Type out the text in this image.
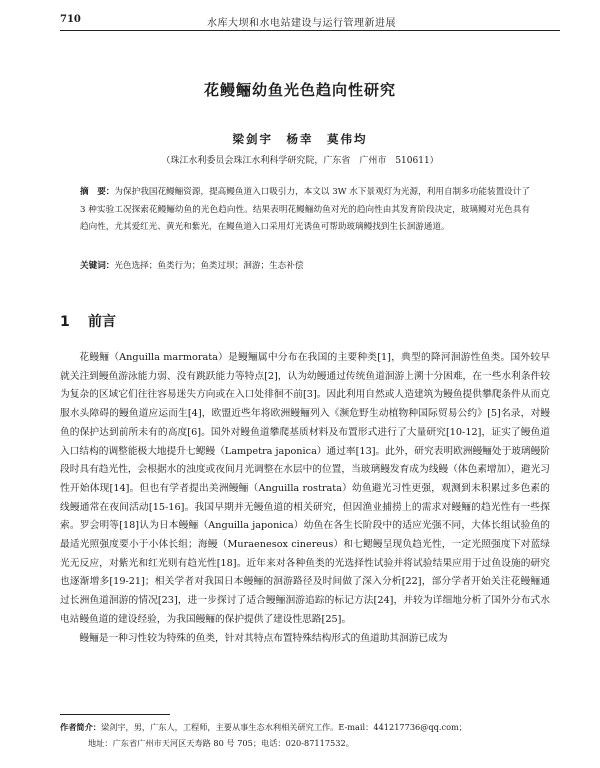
710	水库大坝和水电站建设与运行管理新进展
花鳗鲡幼鱼光色趋向性研究
梁剑宇　杨幸　莫伟均
（珠江水利委员会珠江水利科学研究院，广东省　广州市　510611）
摘　要：为保护我国花鳗鲡资源，提高鳗鱼道入口吸引力，本文以 3W 水下景观灯为光源，利用自制多功能装置设计了 3 种实验工况探索花鳗鲡幼鱼的光色趋向性。结果表明花鳗鲡幼鱼对光的趋向性由其发育阶段决定，玻璃鳗对光色具有趋向性，尤其爱红光、黄光和紫光，在鳗鱼道入口采用灯光诱鱼可帮助玻璃鳗找到生长洄游通道。
关键词：光色选择；鱼类行为；鱼类过坝；洄游；生态补偿
1 前言

花鳗鲡（Anguilla marmorata）是鳗鲡属中分布在我国的主要种类[1]，典型的降河洄游性鱼类。国外较早就关注到鳗鱼游泳能力弱、没有跳跃能力等特点[2]，认为幼鳗通过传统鱼道洄游上溯十分困难，在一些水利条件较为复杂的区域它们往往容易迷失方向或在入口处徘徊不前[3]。因此利用自然或人造建筑为鳗鱼提供攀爬条件从而克服水头障碍的鳗鱼道应运而生[4]，欧盟近些年将欧洲鳗鲡列入《濒危野生动植物种国际贸易公约》[5]名录，对鳗鱼的保护达到前所未有的高度[6]。国外对鳗鱼道攀爬基质材料及布置形式进行了大量研究[10-12]，证实了鳗鱼道入口结构的调整能极大地提升七鳃鳗（Lampetra japonica）通过率[13]。此外，研究表明欧洲鳗鲡处于玻璃鳗阶段时具有趋光性，会根据水的浊度或夜间月光调整在水层中的位置，当玻璃鳗发育成为线鳗（体色素增加），避光习性开始体现[14]。但也有学者提出美洲鳗鲡（Anguilla rostrata）幼鱼避光习性更强，观测到未积累过多色素的线鳗通常在夜间活动[15-16]。我国早期并无鳗鱼道的相关研究，但因渔业捕捞上的需求对鳗鲡的趋光性有一些探索。罗会明等[18]认为日本鳗鲡（Anguilla japonica）幼鱼在各生长阶段中的适应光强不同，大体长组试验鱼的最适光照强度要小于小体长组；海鳗（Muraenesox cinereus）和七鳃鳗呈现负趋光性，一定光照强度下对蓝绿光无反应，对紫光和红光则有趋光性[18]。近年来对各种鱼类的光选择性试验并将试验结果应用于过鱼设施的研究也逐渐增多[19-21]；相关学者对我国日本鳗鲡的洄游路径及时间做了深入分析[22]，部分学者开始关注花鳗鲡通过长洲鱼道洄游的情况[23]，进一步探讨了适合鳗鲡洄游追踪的标记方法[24]，并较为详细地分析了国外分布式水电站鳗鱼道的建设经验，为我国鳗鲡的保护提供了建设性思路[25]。

鳗鲡是一种习性较为特殊的鱼类，针对其特点布置特殊结构形式的鱼道助其洄游已成为

作者简介：梁剑宇，男，广东人，工程师，主要从事生态水利相关研究工作。E-mail：441217736@qq.com；
地址：广东省广州市天河区天寿路 80 号 705；电话：020-87117532。
